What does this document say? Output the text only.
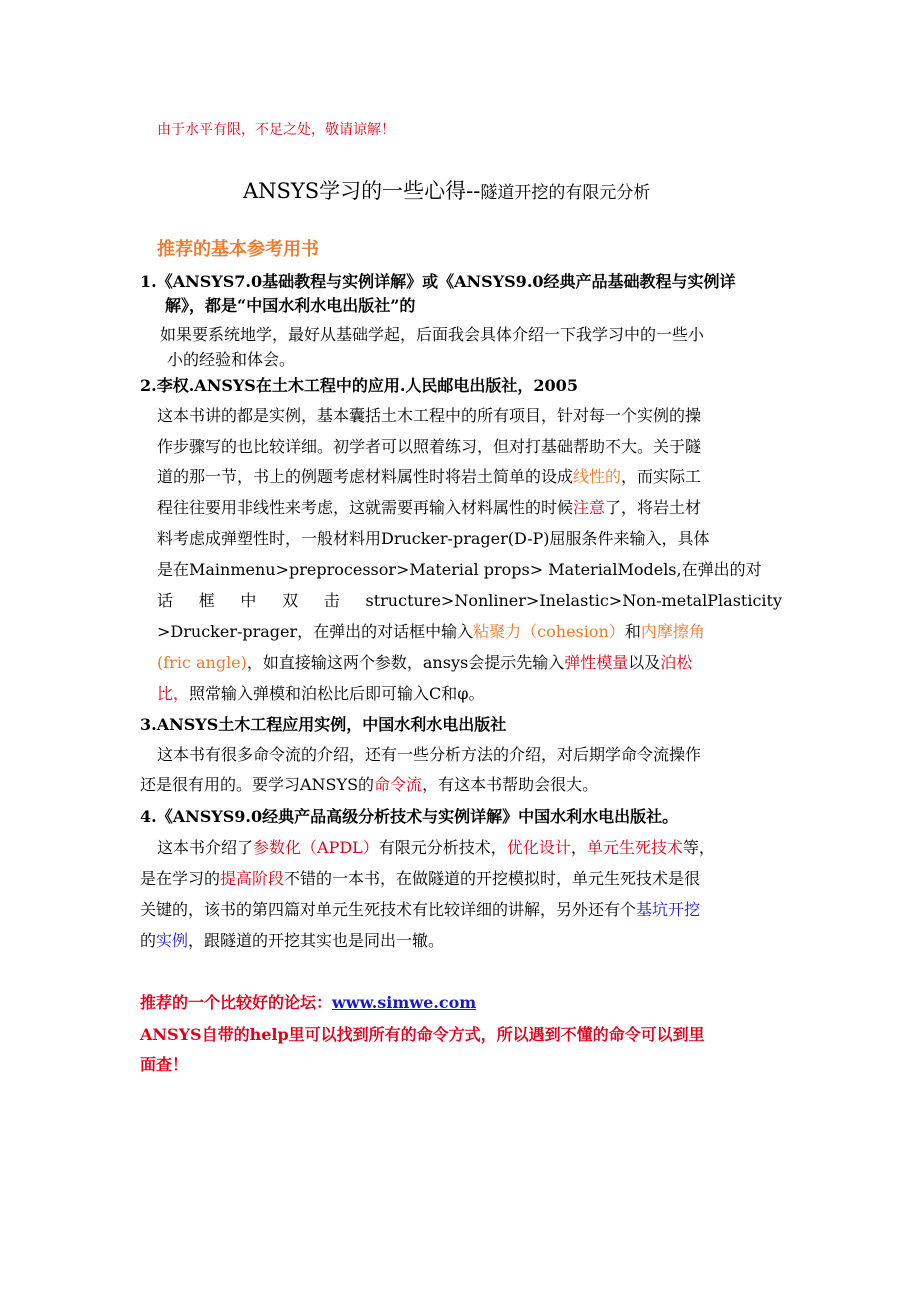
由于水平有限，不足之处，敬请谅解！
ANSYS学习的一些心得--隧道开挖的有限元分析
推荐的基本参考用书
1.《ANSYS7.0基础教程与实例详解》或《ANSYS9.0经典产品基础教程与实例详
解》，都是“中国水利水电出版社”的
如果要系统地学，最好从基础学起，后面我会具体介绍一下我学习中的一些小
小的经验和体会。
2.李权.ANSYS在土木工程中的应用.人民邮电出版社，2005
这本书讲的都是实例，基本囊括土木工程中的所有项目，针对每一个实例的操
作步骤写的也比较详细。初学者可以照着练习，但对打基础帮助不大。关于隧
道的那一节，书上的例题考虑材料属性时将岩土简单的设成线性的，而实际工
程往往要用非线性来考虑，这就需要再输入材料属性的时候注意了，将岩土材
料考虑成弹塑性时，一般材料用Drucker-prager(D-P)屈服条件来输入，具体
是在Mainmenu>preprocessor>Material props> MaterialModels,在弹出的对
话 框 中 双 击 structure>Nonliner>Inelastic>Non-metalPlasticity
>Drucker-prager，在弹出的对话框中输入粘聚力（cohesion）和内摩擦角
(fric angle)，如直接输这两个参数，ansys会提示先输入弹性模量以及泊松
比，照常输入弹模和泊松比后即可输入C和φ。
3.ANSYS土木工程应用实例，中国水利水电出版社
这本书有很多命令流的介绍，还有一些分析方法的介绍，对后期学命令流操作
还是很有用的。要学习ANSYS的命令流，有这本书帮助会很大。
4.《ANSYS9.0经典产品高级分析技术与实例详解》中国水利水电出版社。
这本书介绍了参数化（APDL）有限元分析技术，优化设计，单元生死技术等，
是在学习的提高阶段不错的一本书，在做隧道的开挖模拟时，单元生死技术是很
关键的，该书的第四篇对单元生死技术有比较详细的讲解，另外还有个基坑开挖
的实例，跟隧道的开挖其实也是同出一辙。
推荐的一个比较好的论坛：www.simwe.com
ANSYS自带的help里可以找到所有的命令方式，所以遇到不懂的命令可以到里
面查！
